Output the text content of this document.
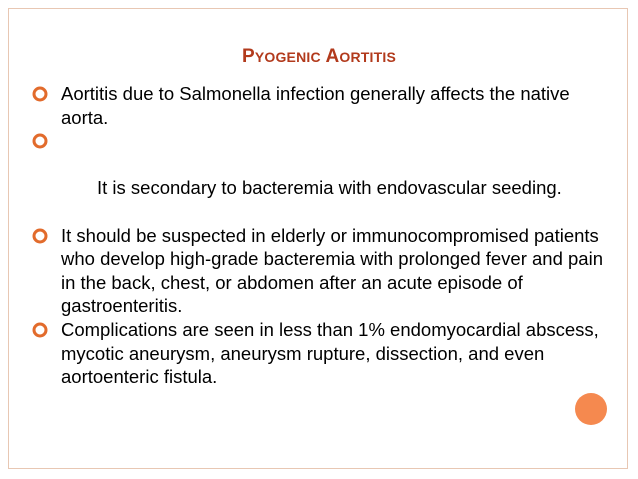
PYOGENIC AORTITIS
Aortitis due to Salmonella infection generally affects the native aorta.

It is secondary to bacteremia with endovascular seeding.

It should be suspected in elderly or immunocompromised patients who develop high-grade bacteremia with prolonged fever and pain in the back, chest, or abdomen after an acute episode of gastroenteritis.
Complications are seen in less than 1% endomyocardial abscess, mycotic aneurysm, aneurysm rupture, dissection, and even aortoenteric fistula.
